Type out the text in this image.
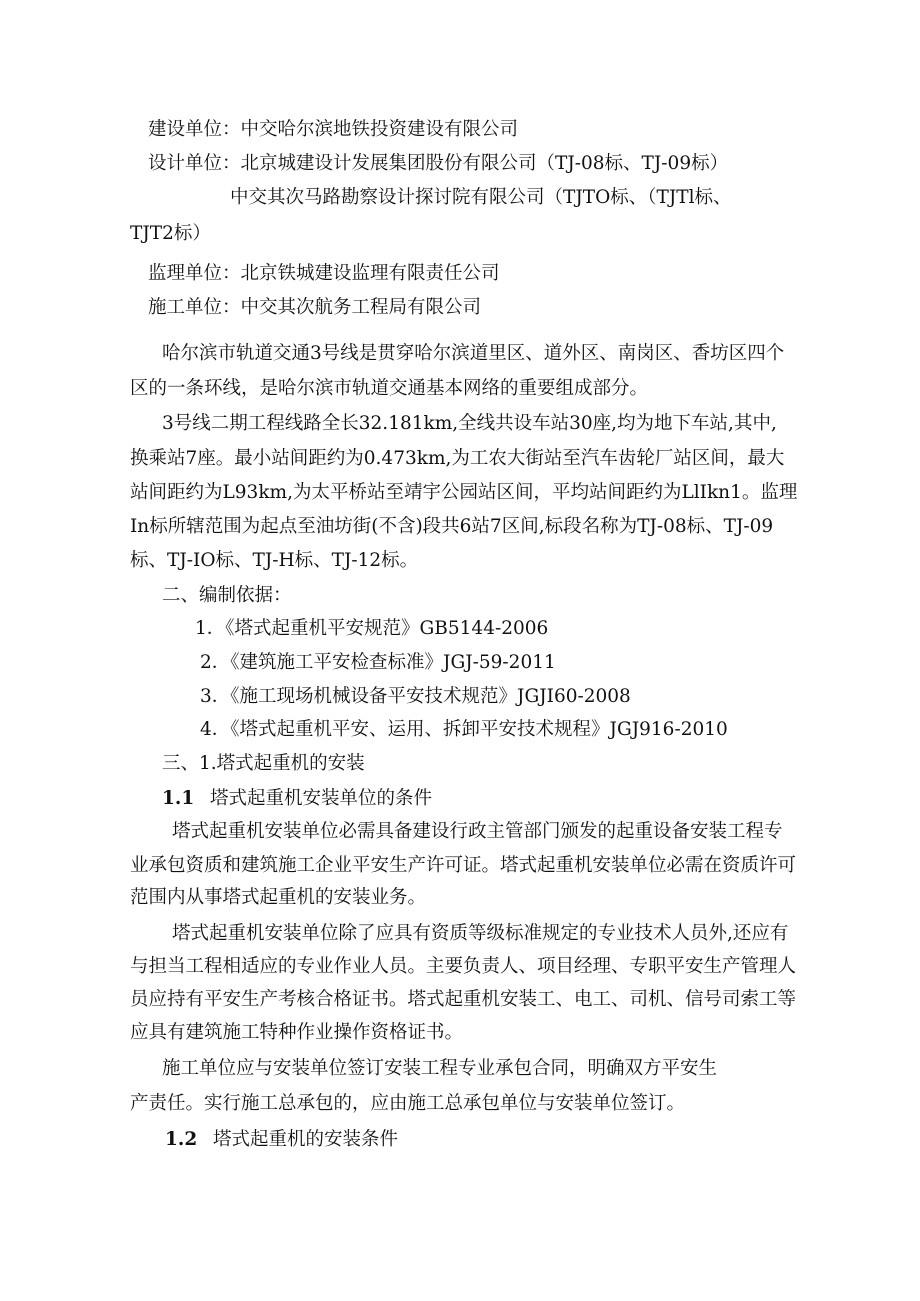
建设单位：中交哈尔滨地铁投资建设有限公司

设计单位：北京城建设计发展集团股份有限公司（TJ-08标、TJ-09标）

中交其次马路勘察设计探讨院有限公司（TJTO标、（TJTl标、

TJT2标）

监理单位：北京铁城建设监理有限责任公司

施工单位：中交其次航务工程局有限公司

哈尔滨市轨道交通3号线是贯穿哈尔滨道里区、道外区、南岗区、香坊区四个

区的一条环线，是哈尔滨市轨道交通基本网络的重要组成部分。

3号线二期工程线路全长32.181km,全线共设车站30座,均为地下车站,其中,

换乘站7座。最小站间距约为0.473km,为工农大街站至汽车齿轮厂站区间，最大

站间距约为L93km,为太平桥站至靖宇公园站区间，平均站间距约为LlIkn1。监理

In标所辖范围为起点至油坊街(不含)段共6站7区间,标段名称为TJ-08标、TJ-09

标、TJ-IO标、TJ-H标、TJ-12标。

二、编制依据：

1．《塔式起重机平安规范》GB5144-2006

2．《建筑施工平安检查标准》JGJ-59-2011

3．《施工现场机械设备平安技术规范》JGJI60-2008

4．《塔式起重机平安、运用、拆卸平安技术规程》JGJ916-2010

三、1.塔式起重机的安装

1.1 塔式起重机安装单位的条件

塔式起重机安装单位必需具备建设行政主管部门颁发的起重设备安装工程专

业承包资质和建筑施工企业平安生产许可证。塔式起重机安装单位必需在资质许可

范围内从事塔式起重机的安装业务。

塔式起重机安装单位除了应具有资质等级标准规定的专业技术人员外,还应有

与担当工程相适应的专业作业人员。主要负责人、项目经理、专职平安生产管理人

员应持有平安生产考核合格证书。塔式起重机安装工、电工、司机、信号司索工等

应具有建筑施工特种作业操作资格证书。

施工单位应与安装单位签订安装工程专业承包合同，明确双方平安生

产责任。实行施工总承包的，应由施工总承包单位与安装单位签订。

1.2 塔式起重机的安装条件
